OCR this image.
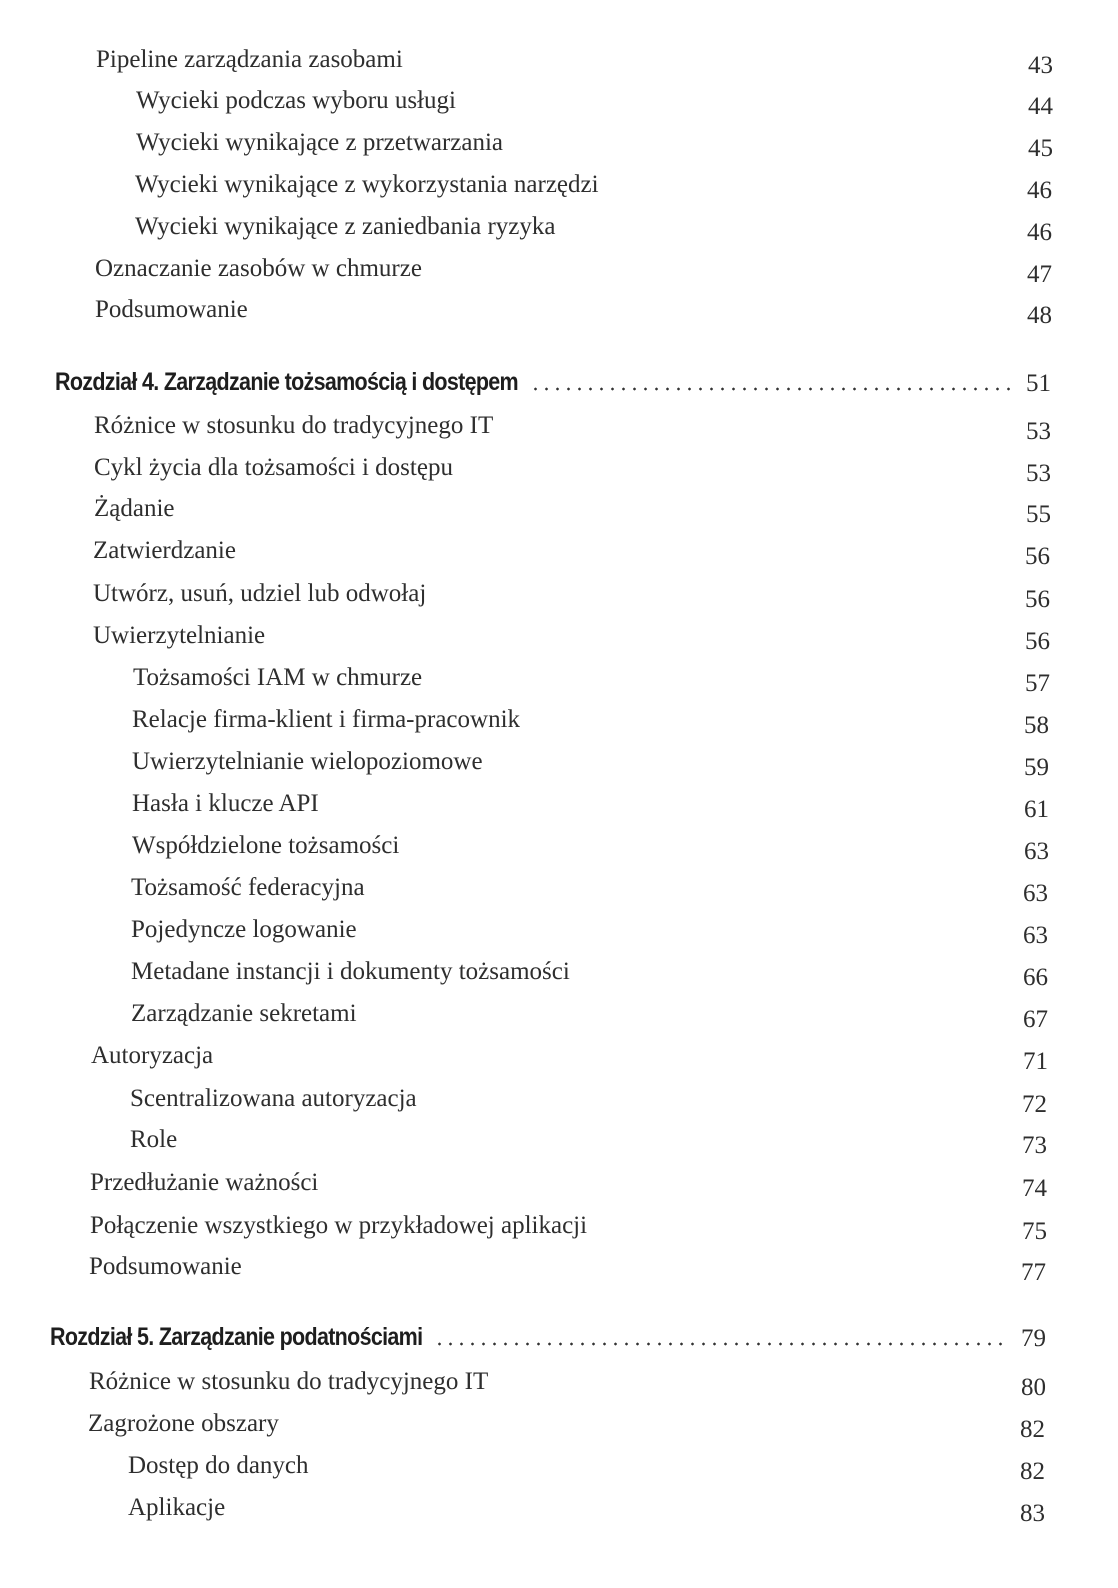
Pipeline zarządzania zasobami	43
Wycieki podczas wyboru usługi	44
Wycieki wynikające z przetwarzania	45
Wycieki wynikające z wykorzystania narzędzi	46
Wycieki wynikające z zaniedbania ryzyka	46
Oznaczanie zasobów w chmurze	47
Podsumowanie	48
Rozdział 4. Zarządzanie tożsamością i dostępem	51
Różnice w stosunku do tradycyjnego IT	53
Cykl życia dla tożsamości i dostępu	53
Żądanie	55
Zatwierdzanie	56
Utwórz, usuń, udziel lub odwołaj	56
Uwierzytelnianie	56
Tożsamości IAM w chmurze	57
Relacje firma-klient i firma-pracownik	58
Uwierzytelnianie wielopoziomowe	59
Hasła i klucze API	61
Współdzielone tożsamości	63
Tożsamość federacyjna	63
Pojedyncze logowanie	63
Metadane instancji i dokumenty tożsamości	66
Zarządzanie sekretami	67
Autoryzacja	71
Scentralizowana autoryzacja	72
Role	73
Przedłużanie ważności	74
Połączenie wszystkiego w przykładowej aplikacji	75
Podsumowanie	77
Rozdział 5. Zarządzanie podatnościami	79
Różnice w stosunku do tradycyjnego IT	80
Zagrożone obszary	82
Dostęp do danych	82
Aplikacje	83
